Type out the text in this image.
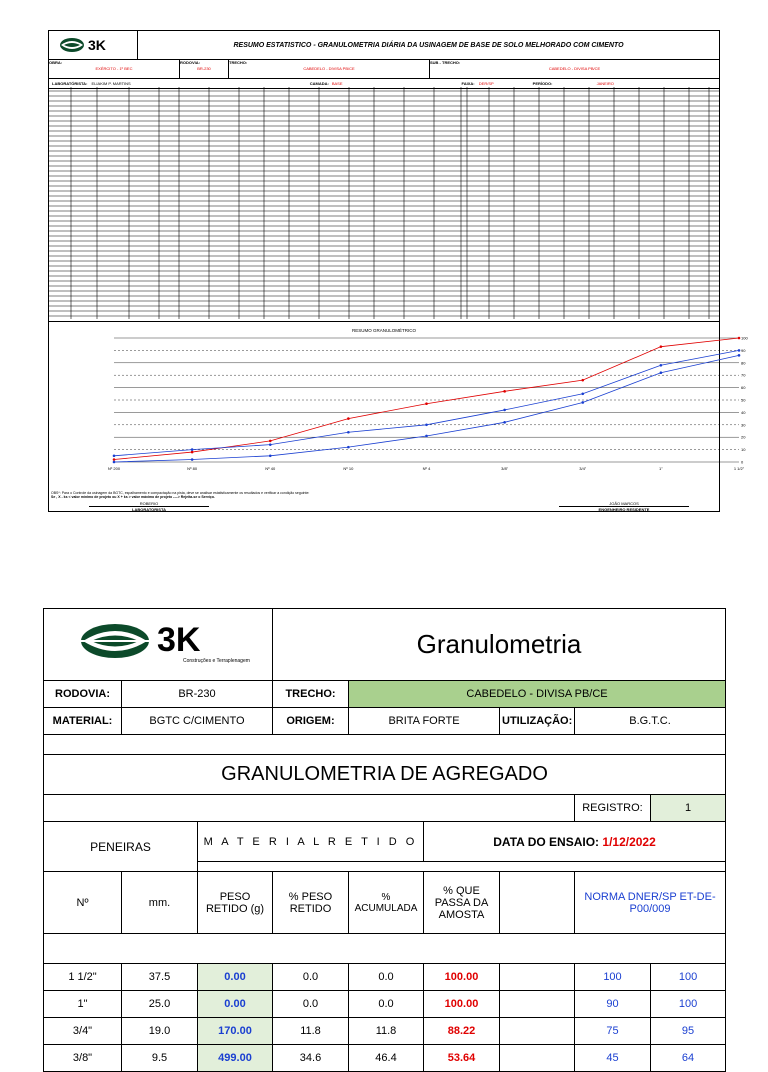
3K	RESUMO ESTATISTICO - GRANULOMETRIA DIÁRIA DA USINAGEM DE BASE DE SOLO MELHORADO COM CIMENTO
OBRA:
EXÉRCITO - 1º BEC
RODOVIA:
BR-230
TRECHO:
CABEDELO - DIVISA PB/CE
SUB - TRECHO:
CABEDELO - DIVISA PB/CE
LABORATÓRISTA: ELIAKIM P. MARTINS	CAMADA: BASE	FAIXA: DER/SP	PERÍODO:	JANEIRO
RESUMO GRANULOMÉTRICO
Nº 200	Nº 80	Nº 40	Nº 10	Nº 4	3/8"	3/4"	1"	1 1/2"
100
90
80
70
60
50
40
30
20
10
0
OBS*: Para o Controle da usinagem da BGTC, espalhamento e compactação na pista, deve se analisar estatisticamente os resultados e verificar a condição seguinte:
Se , X - ks < valor mínimo de projeto ou X + ks > valor máximo de projeto ----> Rejeita-se o Serviço.
ROBERIO
LABORATORISTA
JOÃO MARCOS
ENGENHEIRO RESIDENTE
3K
Construções e Terraplenagem			Granulometria					
RODOVIA:	BR-230		TRECHO:	CABEDELO - DIVISA PB/CE				
MATERIAL:	BGTC C/CIMENTO		ORIGEM:	BRITA FORTE		UTILIZAÇÃO:	B.G.T.C.	

GRANULOMETRIA DE AGREGADO								
							REGISTRO:	1
PENEIRAS		M A T E R I A L R E T I D O			DATA DO ENSAIO: 1/12/2022			

Nº	mm.	PESO RETIDO (g)	% PESO RETIDO	% ACUMULADA	% QUE PASSA DA AMOSTA		NORMA DNER/SP ET-DE-P00/009	

1 1/2"	37.5	0.00	0.0	0.0	100.00		100	100
1"	25.0	0.00	0.0	0.0	100.00		90	100
3/4"	19.0	170.00	11.8	11.8	88.22		75	95
3/8"	9.5	499.00	34.6	46.4	53.64		45	64
